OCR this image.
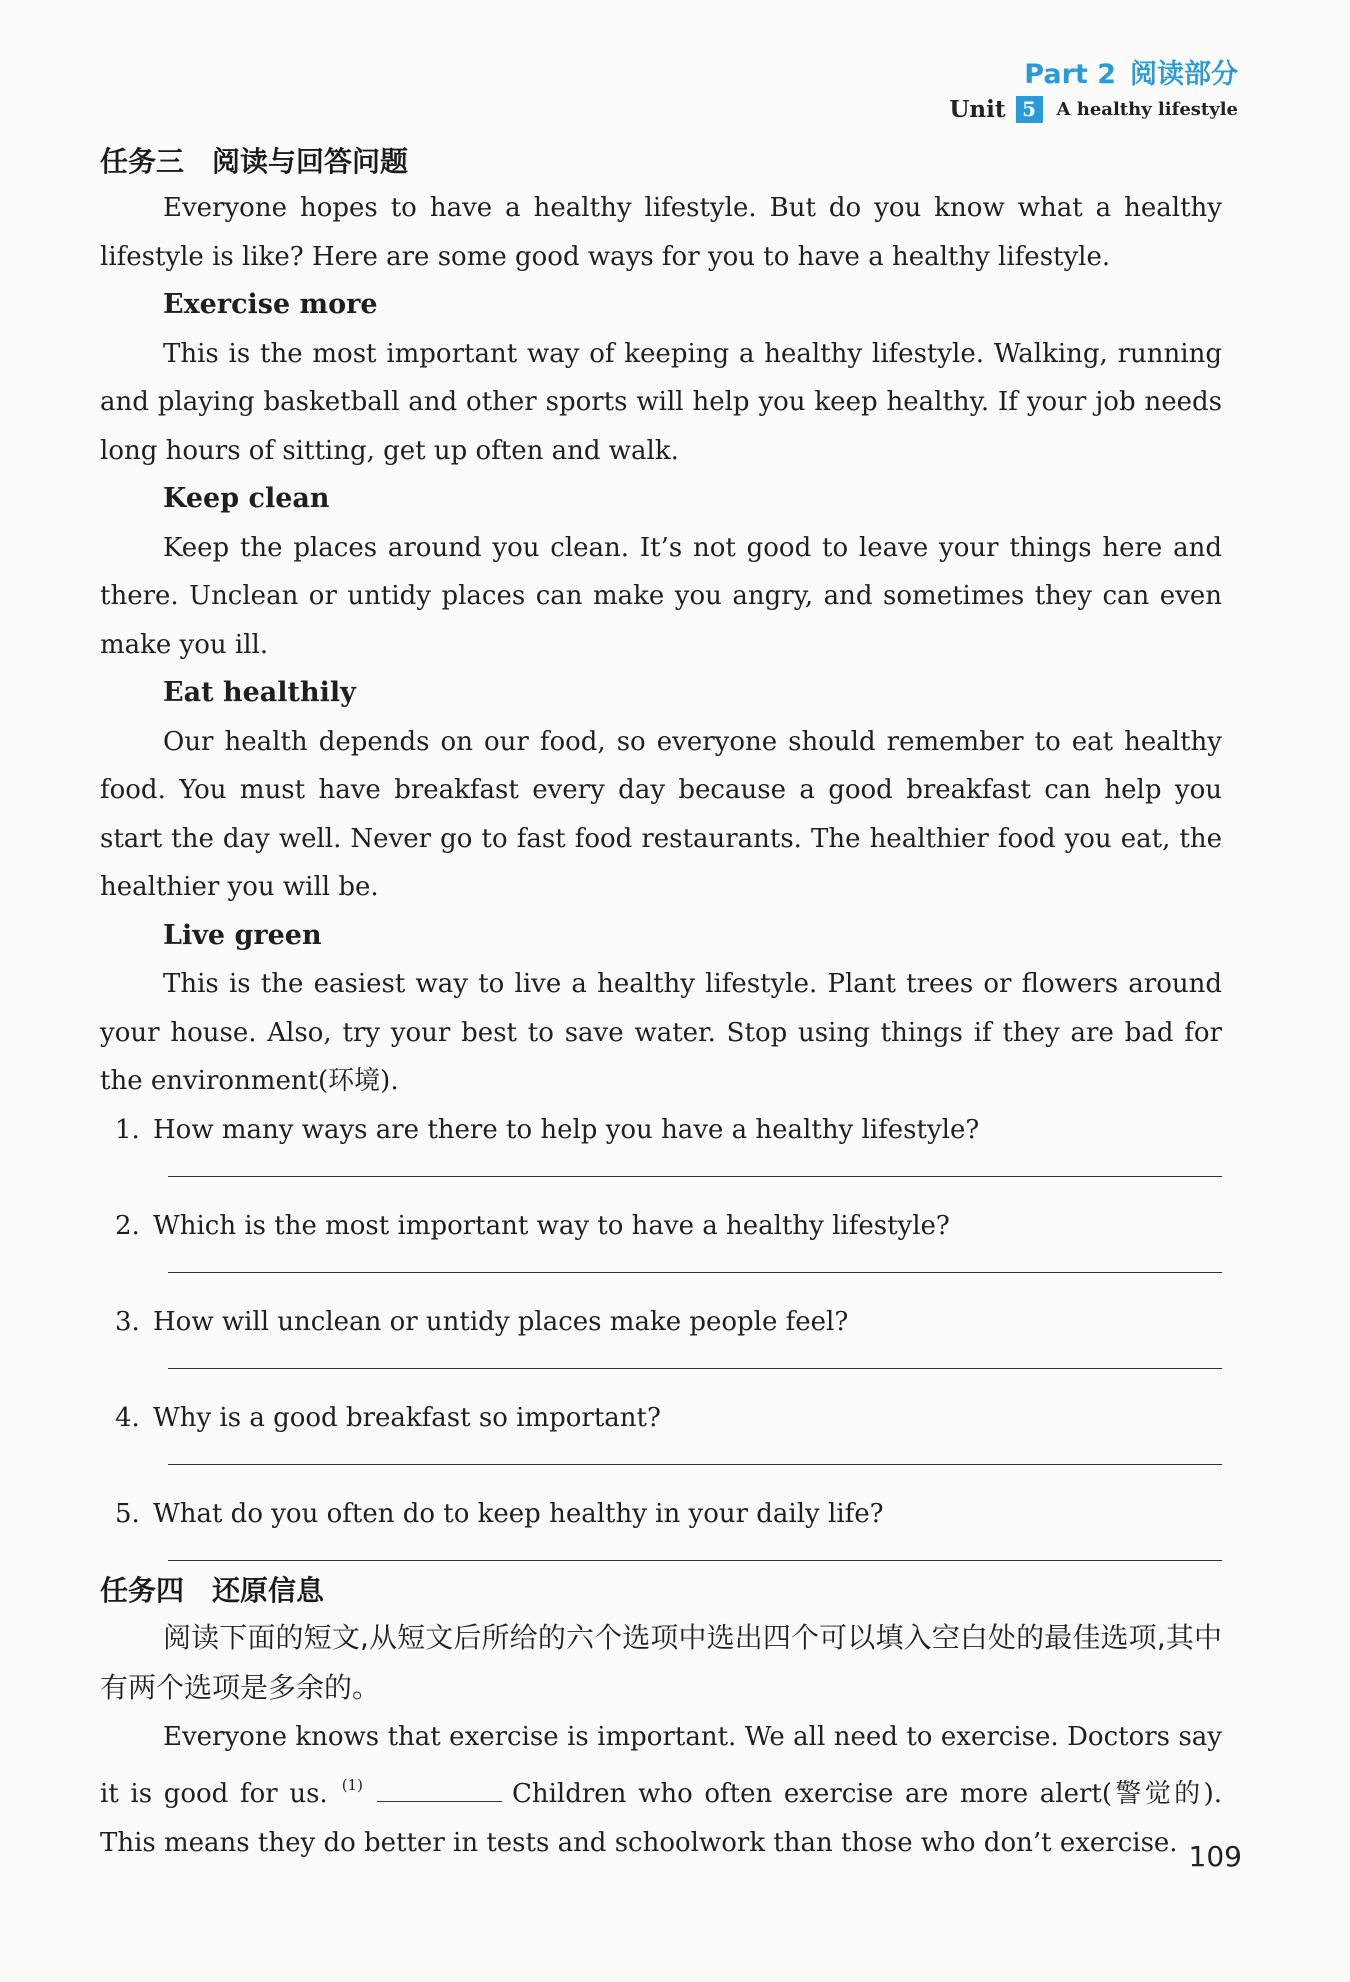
Part 2 阅读部分
Unit 5	A healthy lifestyle
任务三　阅读与回答问题

Everyone hopes to have a healthy lifestyle. But do you know what a healthy lifestyle is like? Here are some good ways for you to have a healthy lifestyle.

Exercise more

This is the most important way of keeping a healthy lifestyle. Walking, running and playing basketball and other sports will help you keep healthy. If your job needs long hours of sitting, get up often and walk.

Keep clean

Keep the places around you clean. It’s not good to leave your things here and there. Unclean or untidy places can make you angry, and sometimes they can even make you ill.

Eat healthily

Our health depends on our food, so everyone should remember to eat healthy food. You must have breakfast every day because a good breakfast can help you start the day well. Never go to fast food restaurants. The healthier food you eat, the healthier you will be.

Live green

This is the easiest way to live a healthy lifestyle. Plant trees or flowers around your house. Also, try your best to save water. Stop using things if they are bad for the environment(环境).

1. How many ways are there to help you have a healthy lifestyle?
2. Which is the most important way to have a healthy lifestyle?
3. How will unclean or untidy places make people feel?
4. Why is a good breakfast so important?
5. What do you often do to keep healthy in your daily life?
任务四　还原信息

阅读下面的短文,从短文后所给的六个选项中选出四个可以填入空白处的最佳选项,其中有两个选项是多余的。

Everyone knows that exercise is important. We all need to exercise. Doctors say it is good for us. $^{(1)}$	Children who often exercise are more alert(警觉的). This means they do better in tests and schoolwork than those who don’t exercise. 109
